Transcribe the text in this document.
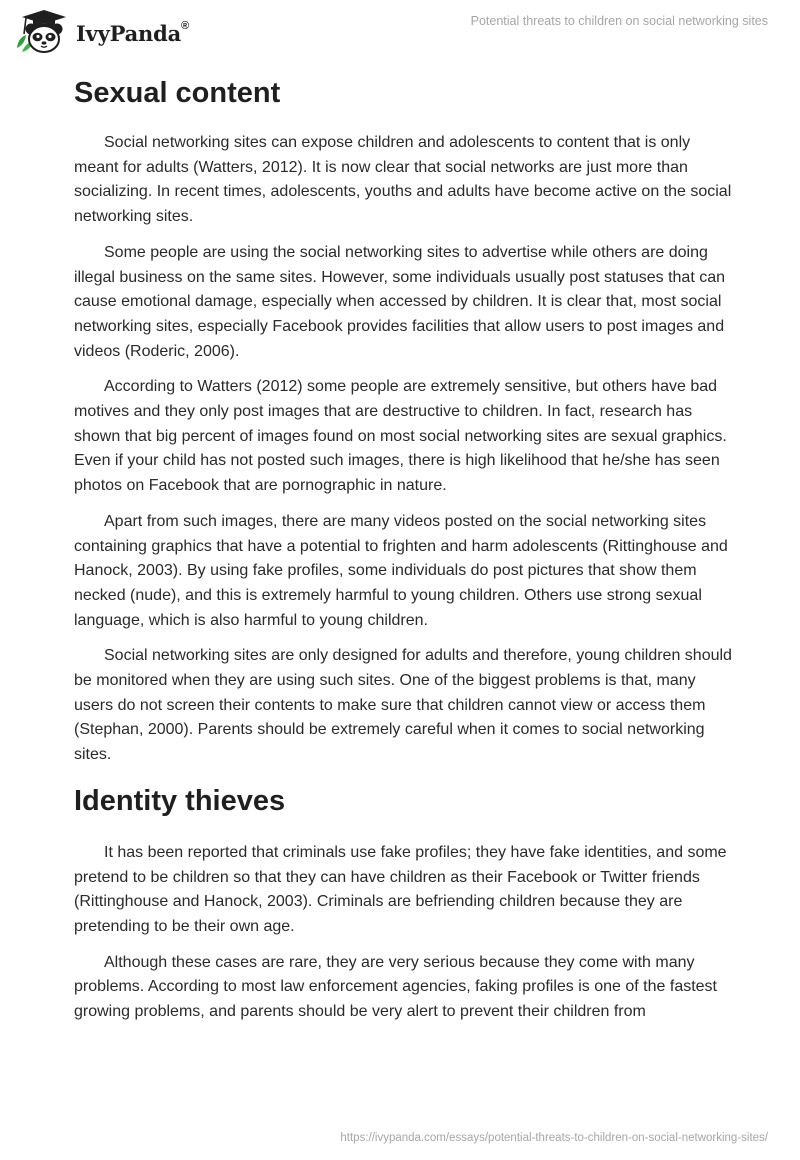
IvyPanda®	Potential threats to children on social networking sites
Sexual content

Social networking sites can expose children and adolescents to content that is only meant for adults (Watters, 2012). It is now clear that social networks are just more than socializing. In recent times, adolescents, youths and adults have become active on the social networking sites.

Some people are using the social networking sites to advertise while others are doing illegal business on the same sites. However, some individuals usually post statuses that can cause emotional damage, especially when accessed by children. It is clear that, most social networking sites, especially Facebook provides facilities that allow users to post images and videos (Roderic, 2006).

According to Watters (2012) some people are extremely sensitive, but others have bad motives and they only post images that are destructive to children. In fact, research has shown that big percent of images found on most social networking sites are sexual graphics. Even if your child has not posted such images, there is high likelihood that he/she has seen photos on Facebook that are pornographic in nature.

Apart from such images, there are many videos posted on the social networking sites containing graphics that have a potential to frighten and harm adolescents (Rittinghouse and Hanock, 2003). By using fake profiles, some individuals do post pictures that show them necked (nude), and this is extremely harmful to young children. Others use strong sexual language, which is also harmful to young children.

Social networking sites are only designed for adults and therefore, young children should be monitored when they are using such sites. One of the biggest problems is that, many users do not screen their contents to make sure that children cannot view or access them (Stephan, 2000). Parents should be extremely careful when it comes to social networking sites.

Identity thieves

It has been reported that criminals use fake profiles; they have fake identities, and some pretend to be children so that they can have children as their Facebook or Twitter friends (Rittinghouse and Hanock, 2003). Criminals are befriending children because they are pretending to be their own age.

Although these cases are rare, they are very serious because they come with many problems. According to most law enforcement agencies, faking profiles is one of the fastest growing problems, and parents should be very alert to prevent their children from

https://ivypanda.com/essays/potential-threats-to-children-on-social-networking-sites/
